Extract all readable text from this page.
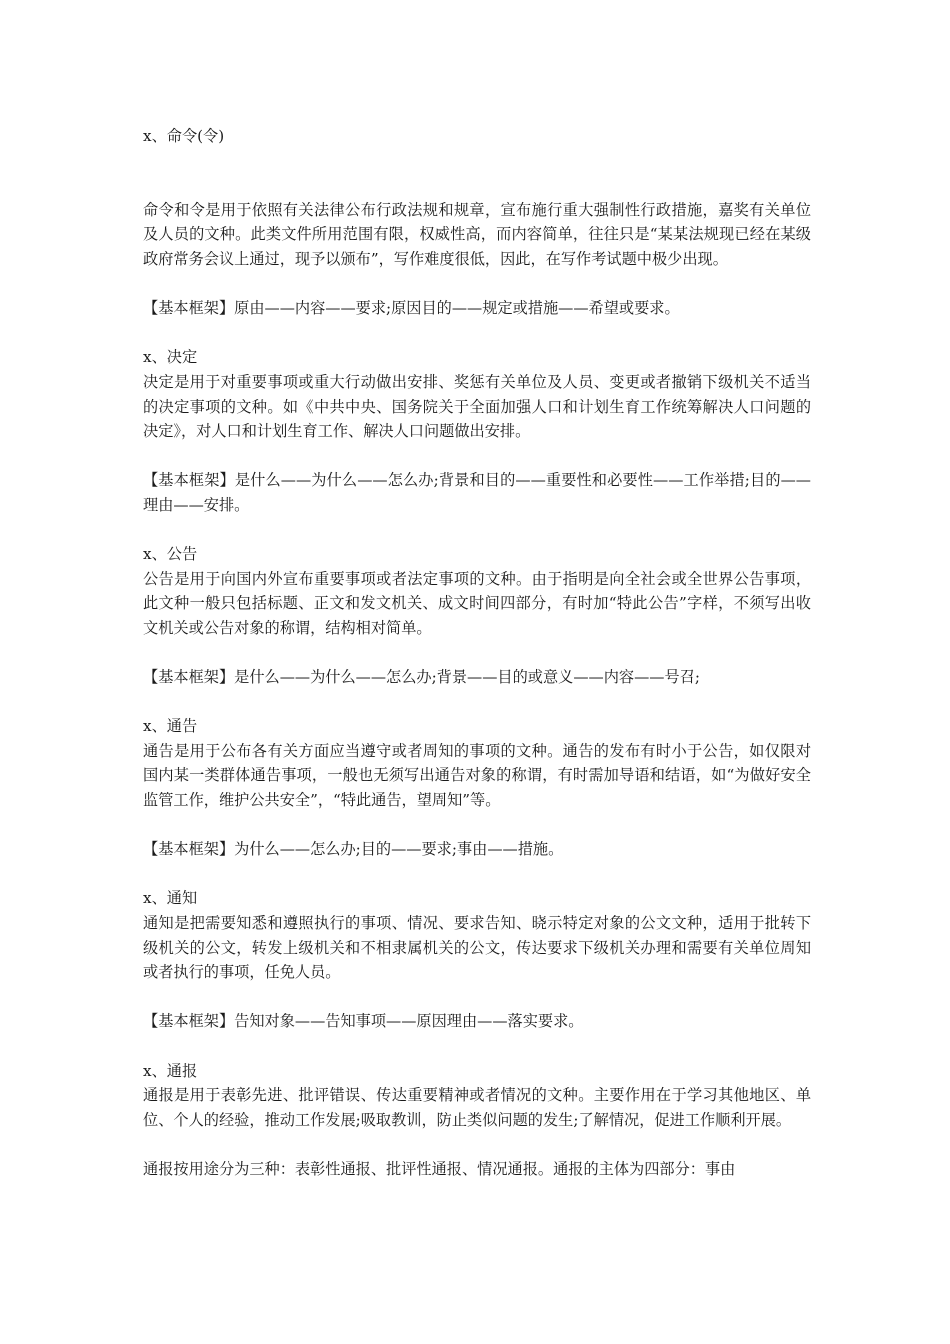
x、命令(令)

命令和令是用于依照有关法律公布行政法规和规章，宣布施行重大强制性行政措施，嘉奖有关单位及人员的文种。此类文件所用范围有限，权威性高，而内容简单，往往只是“某某法规现已经在某级政府常务会议上通过，现予以颁布”，写作难度很低，因此，在写作考试题中极少出现。

【基本框架】原由——内容——要求;原因目的——规定或措施——希望或要求。

x、决定

决定是用于对重要事项或重大行动做出安排、奖惩有关单位及人员、变更或者撤销下级机关不适当的决定事项的文种。如《中共中央、国务院关于全面加强人口和计划生育工作统筹解决人口问题的决定》，对人口和计划生育工作、解决人口问题做出安排。

【基本框架】是什么——为什么——怎么办;背景和目的——重要性和必要性——工作举措;目的——理由——安排。

x、公告

公告是用于向国内外宣布重要事项或者法定事项的文种。由于指明是向全社会或全世界公告事项，此文种一般只包括标题、正文和发文机关、成文时间四部分，有时加“特此公告”字样，不须写出收文机关或公告对象的称谓，结构相对简单。

【基本框架】是什么——为什么——怎么办;背景——目的或意义——内容——号召;

x、通告

通告是用于公布各有关方面应当遵守或者周知的事项的文种。通告的发布有时小于公告，如仅限对国内某一类群体通告事项，一般也无须写出通告对象的称谓，有时需加导语和结语，如“为做好安全监管工作，维护公共安全”，“特此通告，望周知”等。

【基本框架】为什么——怎么办;目的——要求;事由——措施。

x、通知

通知是把需要知悉和遵照执行的事项、情况、要求告知、晓示特定对象的公文文种，适用于批转下级机关的公文，转发上级机关和不相隶属机关的公文，传达要求下级机关办理和需要有关单位周知或者执行的事项，任免人员。

【基本框架】告知对象——告知事项——原因理由——落实要求。

x、通报

通报是用于表彰先进、批评错误、传达重要精神或者情况的文种。主要作用在于学习其他地区、单位、个人的经验，推动工作发展;吸取教训，防止类似问题的发生;了解情况，促进工作顺利开展。

通报按用途分为三种：表彰性通报、批评性通报、情况通报。通报的主体为四部分：事由
